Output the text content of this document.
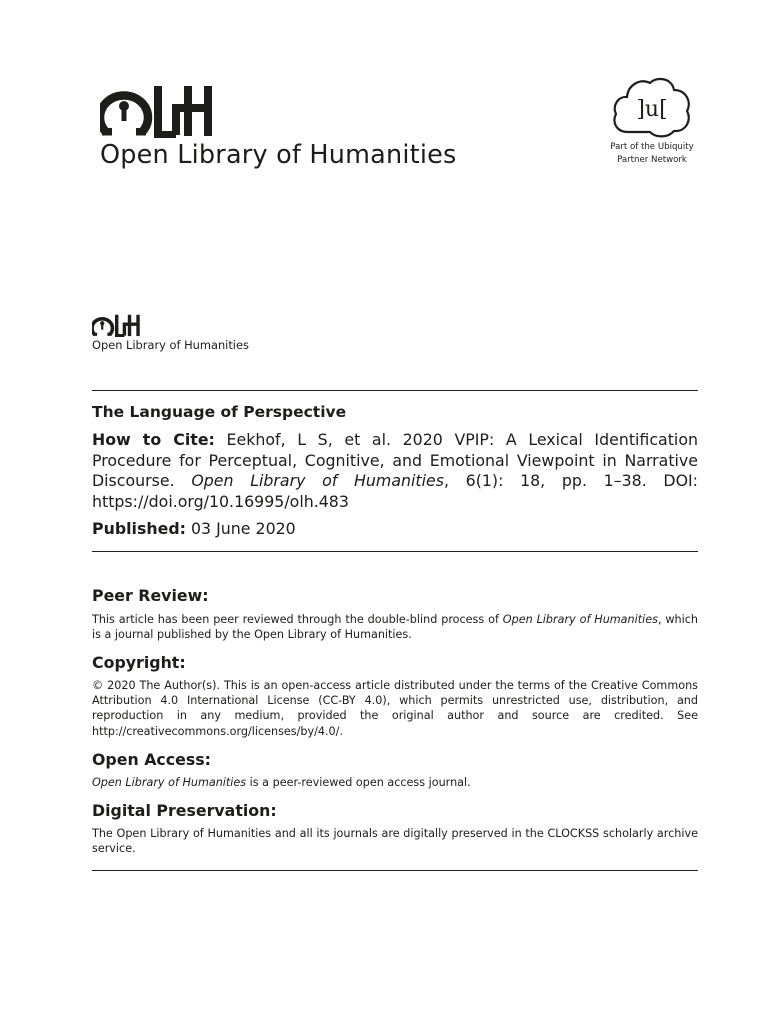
Open Library of Humanities
]u[
Part of the Ubiquity
Partner Network
Open Library of Humanities
The Language of Perspective
How to Cite: Eekhof, L S, et al. 2020 VPIP: A Lexical Identification Procedure for Perceptual, Cognitive, and Emotional Viewpoint in Narrative Discourse. Open Library of Humanities, 6(1): 18, pp. 1–38. DOI: https://doi.org/10.16995/olh.483
Published: 03 June 2020
Peer Review:
This article has been peer reviewed through the double-blind process of Open Library of Humanities, which is a journal published by the Open Library of Humanities.
Copyright:
© 2020 The Author(s). This is an open-access article distributed under the terms of the Creative Commons Attribution 4.0 International License (CC-BY 4.0), which permits unrestricted use, distribution, and reproduction in any medium, provided the original author and source are credited. See http://creativecommons.org/licenses/by/4.0/.
Open Access:
Open Library of Humanities is a peer-reviewed open access journal.
Digital Preservation:
The Open Library of Humanities and all its journals are digitally preserved in the CLOCKSS scholarly archive service.
